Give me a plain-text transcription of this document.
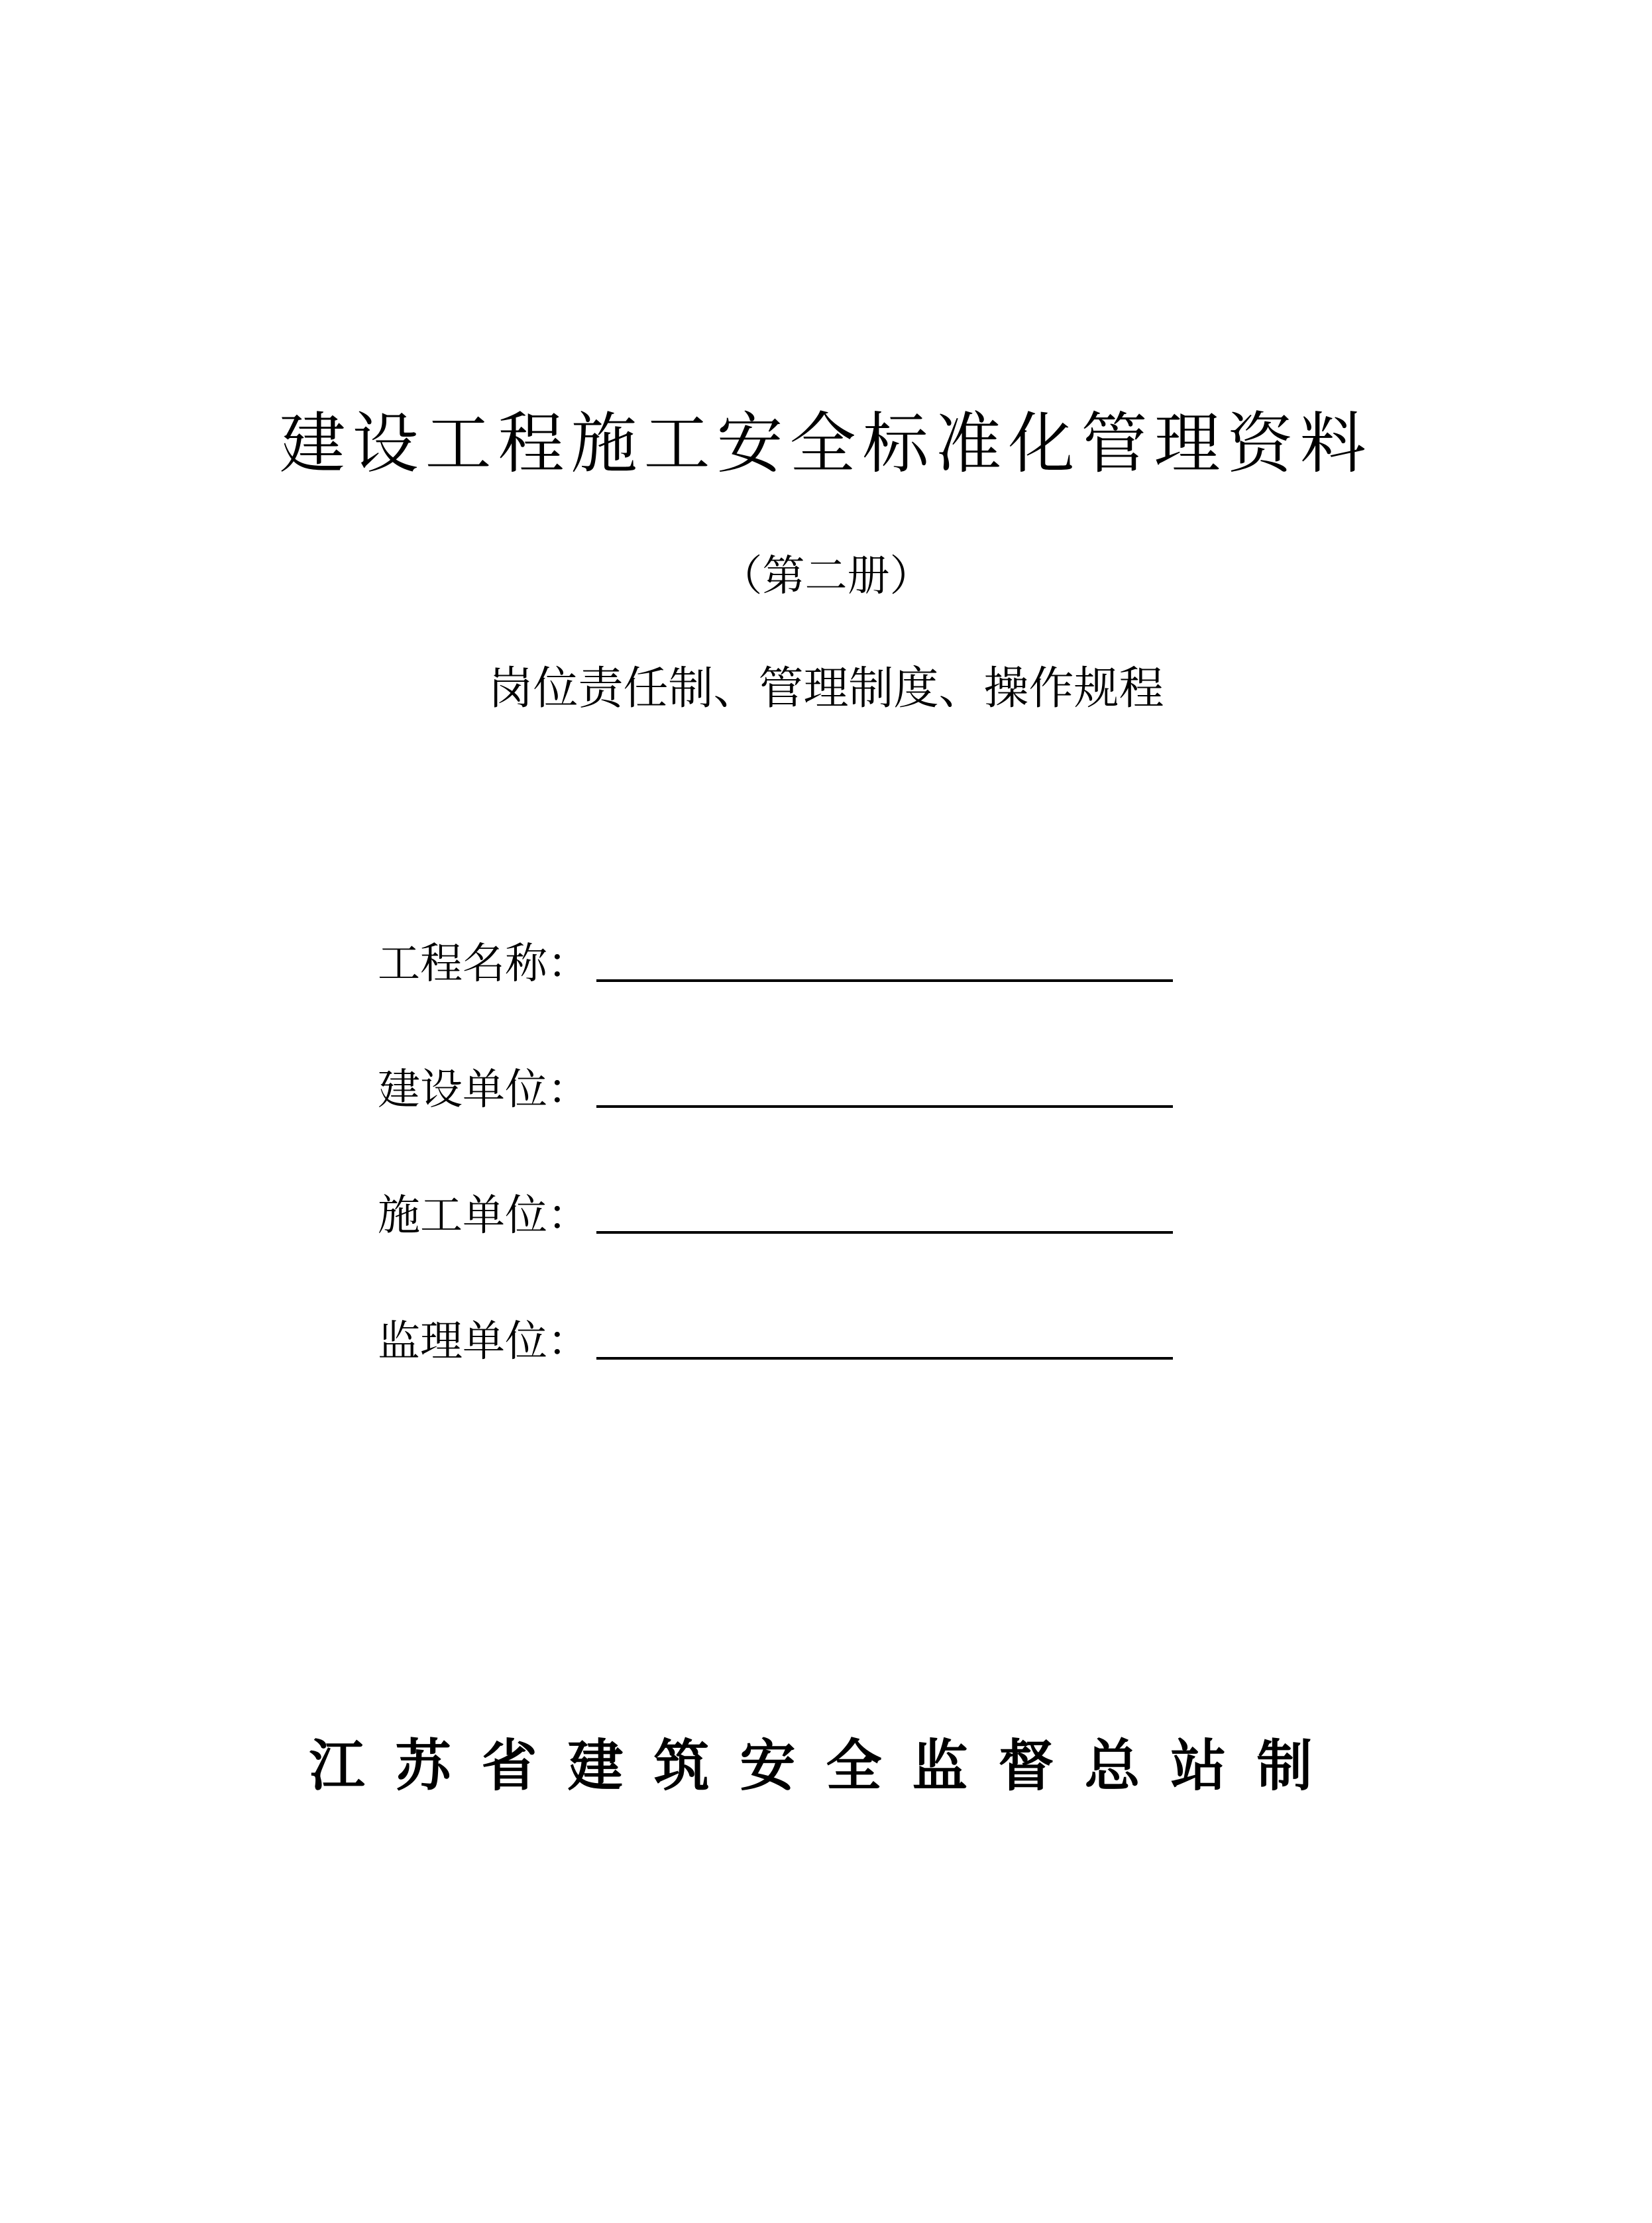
建设工程施工安全标准化管理资料
（第二册）
岗位责任制、管理制度、操作规程
工程名称：
建设单位：
施工单位：
监理单位：
江苏省建筑安全监督总站制
